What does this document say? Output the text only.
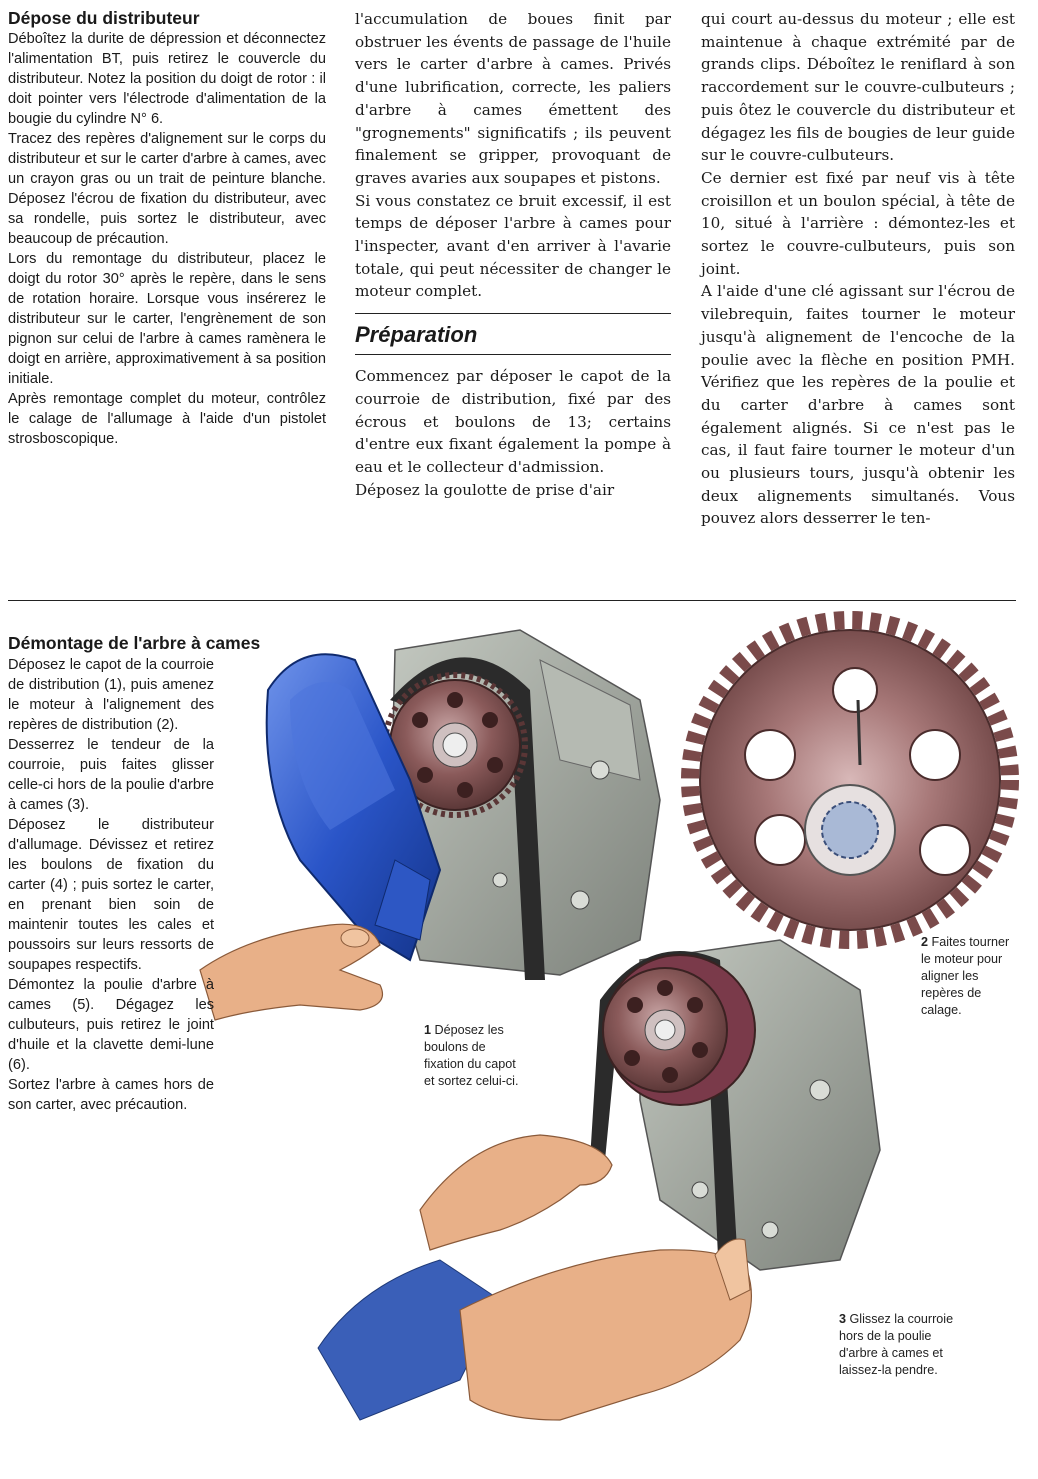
Dépose du distributeur

Déboîtez la durite de dépression et déconnectez l'alimentation BT, puis retirez le couvercle du distributeur. Notez la position du doigt de rotor : il doit pointer vers l'électrode d'alimentation de la bougie du cylindre N° 6.

Tracez des repères d'alignement sur le corps du distributeur et sur le carter d'arbre à cames, avec un crayon gras ou un trait de peinture blanche. Déposez l'écrou de fixation du distributeur, avec sa rondelle, puis sortez le distributeur, avec beaucoup de précaution.

Lors du remontage du distributeur, placez le doigt du rotor 30° après le repère, dans le sens de rotation horaire. Lorsque vous insérerez le distributeur sur le carter, l'engrènement de son pignon sur celui de l'arbre à cames ramènera le doigt en arrière, approximativement à sa position initiale.

Après remontage complet du moteur, contrôlez le calage de l'allumage à l'aide d'un pistolet strosboscopique.

l'accumulation de boues finit par obstruer les évents de passage de l'huile vers le carter d'arbre à cames. Privés d'une lubrification, correcte, les paliers d'arbre à cames émettent des "grognements" significatifs ; ils peuvent finalement se gripper, provoquant de graves avaries aux soupapes et pistons.

Si vous constatez ce bruit excessif, il est temps de déposer l'arbre à cames pour l'inspecter, avant d'en arriver à l'avarie totale, qui peut nécessiter de changer le moteur complet.

Préparation

Commencez par déposer le capot de la courroie de distribution, fixé par des écrous et boulons de 13; certains d'entre eux fixant également la pompe à eau et le collecteur d'admission.

Déposez la goulotte de prise d'air

qui court au-dessus du moteur ; elle est maintenue à chaque extrémité par de grands clips. Déboîtez le reniflard à son raccordement sur le couvre-culbuteurs ; puis ôtez le couvercle du distributeur et dégagez les fils de bougies de leur guide sur le couvre-culbuteurs.

Ce dernier est fixé par neuf vis à tête croisillon et un boulon spécial, à tête de 10, situé à l'arrière : démontez-les et sortez le couvre-culbuteurs, puis son joint.

A l'aide d'une clé agissant sur l'écrou de vilebrequin, faites tourner le moteur jusqu'à alignement de l'encoche de la poulie avec la flèche en position PMH. Vérifiez que les repères de la poulie et du carter d'arbre à cames sont également alignés. Si ce n'est pas le cas, il faut faire tourner le moteur d'un ou plusieurs tours, jusqu'à obtenir les deux alignements simultanés. Vous pouvez alors desserrer le ten-

Démontage de l'arbre à cames

Déposez le capot de la courroie de distribution (1), puis amenez le moteur à l'alignement des repères de distribution (2).

Desserrez le tendeur de la courroie, puis faites glisser celle-ci hors de la poulie d'arbre à cames (3).

Déposez le distributeur d'allumage. Dévissez et retirez les boulons de fixation du carter (4) ; puis sortez le carter, en prenant bien soin de maintenir toutes les cales et poussoirs sur leurs ressorts de soupapes respectifs.

Démontez la poulie d'arbre à cames (5). Dégagez les culbuteurs, puis retirez le joint d'huile et la clavette demi-lune (6).

Sortez l'arbre à cames hors de son carter, avec précaution.

1 Déposez les boulons de fixation du capot et sortez celui-ci.
2 Faites tourner le moteur pour aligner les repères de calage.
3 Glissez la courroie hors de la poulie d'arbre à cames et laissez-la pendre.
